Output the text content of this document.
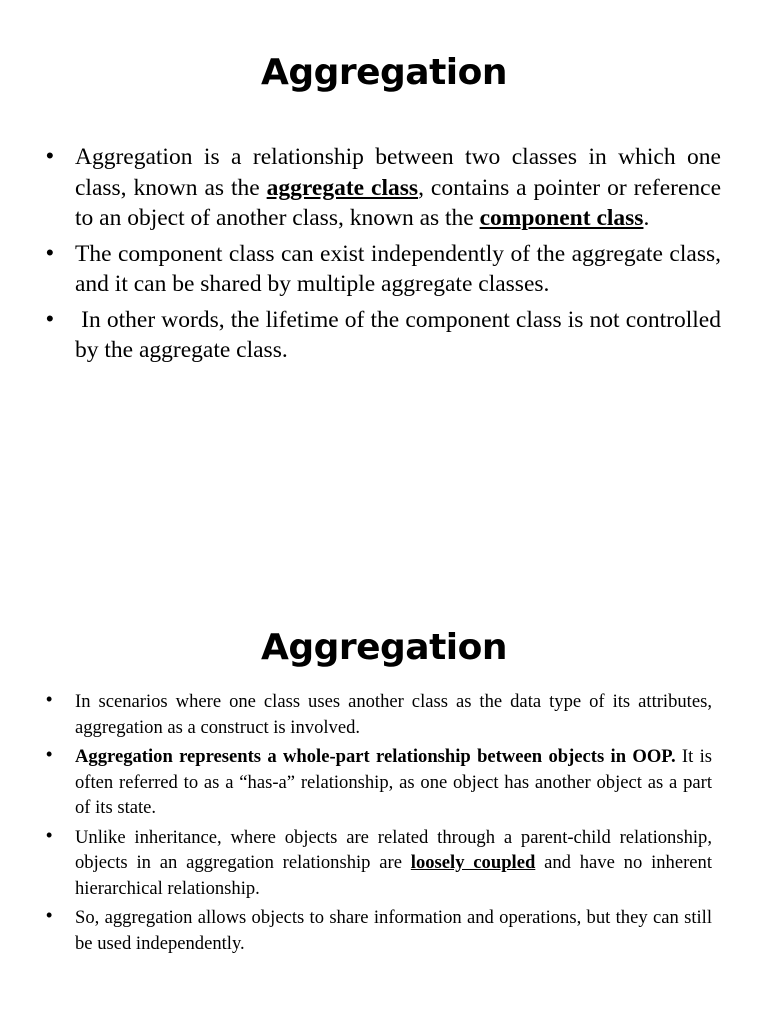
Aggregation
• Aggregation is a relationship between two classes in which one class, known as the aggregate class, contains a pointer or reference to an object of another class, known as the component class.
• The component class can exist independently of the aggregate class, and it can be shared by multiple aggregate classes.
• In other words, the lifetime of the component class is not controlled by the aggregate class.
Aggregation
• In scenarios where one class uses another class as the data type of its attributes, aggregation as a construct is involved.
• Aggregation represents a whole-part relationship between objects in OOP. It is often referred to as a “has-a” relationship, as one object has another object as a part of its state.
• Unlike inheritance, where objects are related through a parent-child relationship, objects in an aggregation relationship are loosely coupled and have no inherent hierarchical relationship.
• So, aggregation allows objects to share information and operations, but they can still be used independently.
